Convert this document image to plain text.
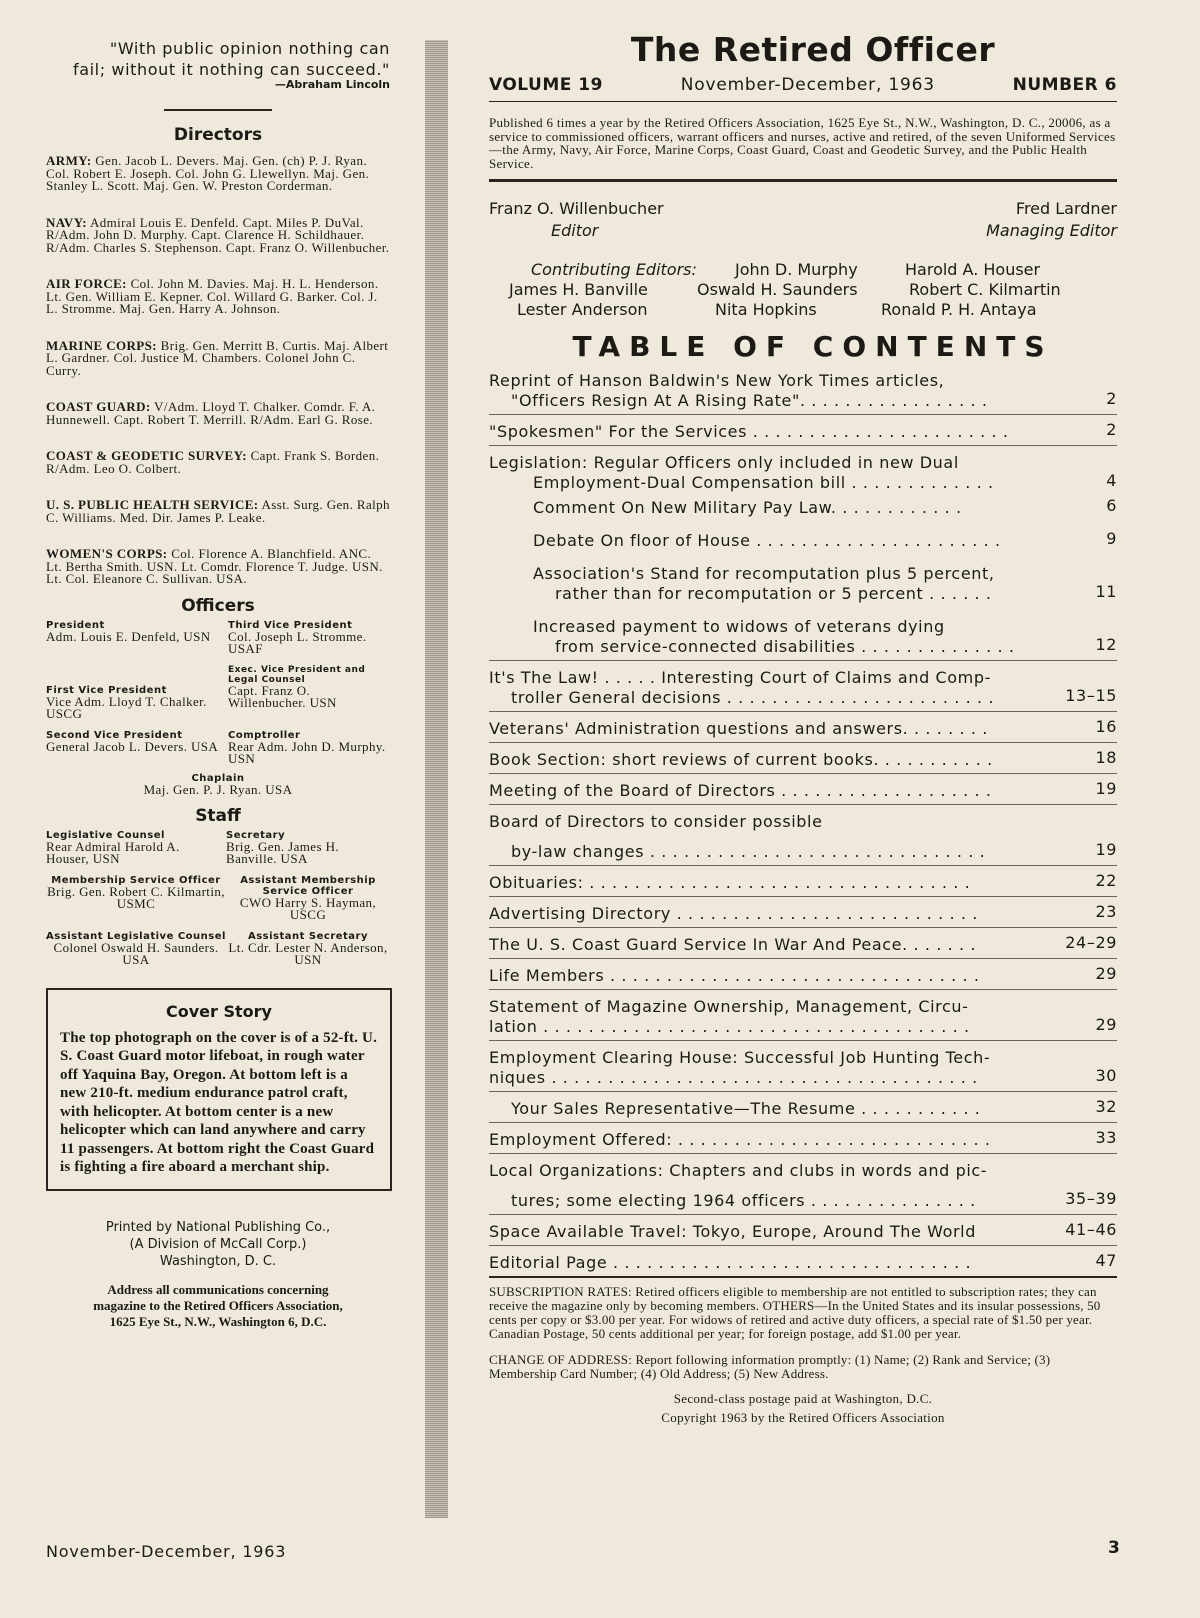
"With public opinion nothing can
fail; without it nothing can succeed."
—Abraham Lincoln
Directors

ARMY: Gen. Jacob L. Devers. Maj. Gen. (ch) P. J. Ryan. Col. Robert E. Joseph. Col. John G. Llewellyn. Maj. Gen. Stanley L. Scott. Maj. Gen. W. Preston Corderman.

NAVY: Admiral Louis E. Denfeld. Capt. Miles P. DuVal. R/Adm. John D. Murphy. Capt. Clarence H. Schildhauer. R/Adm. Charles S. Stephenson. Capt. Franz O. Willenbucher.

AIR FORCE: Col. John M. Davies. Maj. H. L. Henderson. Lt. Gen. William E. Kepner. Col. Willard G. Barker. Col. J. L. Stromme. Maj. Gen. Harry A. Johnson.

MARINE CORPS: Brig. Gen. Merritt B. Curtis. Maj. Albert L. Gardner. Col. Justice M. Chambers. Colonel John C. Curry.

COAST GUARD: V/Adm. Lloyd T. Chalker. Comdr. F. A. Hunnewell. Capt. Robert T. Merrill. R/Adm. Earl G. Rose.

COAST & GEODETIC SURVEY: Capt. Frank S. Borden. R/Adm. Leo O. Colbert.

U. S. PUBLIC HEALTH SERVICE: Asst. Surg. Gen. Ralph C. Williams. Med. Dir. James P. Leake.

WOMEN'S CORPS: Col. Florence A. Blanchfield. ANC. Lt. Bertha Smith. USN. Lt. Comdr. Florence T. Judge. USN. Lt. Col. Eleanore C. Sullivan. USA.

Officers
President
Adm. Louis E. Denfeld, USN
Third Vice President
Col. Joseph L. Stromme. USAF
First Vice President
Vice Adm. Lloyd T. Chalker. USCG
Exec. Vice President and Legal Counsel
Capt. Franz O. Willenbucher. USN
Second Vice President
General Jacob L. Devers. USA
Comptroller
Rear Adm. John D. Murphy. USN
Chaplain
Maj. Gen. P. J. Ryan. USA
Staff
Legislative Counsel
Rear Admiral Harold A. Houser, USN
Secretary
Brig. Gen. James H. Banville. USA
Membership Service Officer
Brig. Gen. Robert C. Kilmartin, USMC
Assistant Membership Service Officer
CWO Harry S. Hayman, USCG
Assistant Legislative Counsel
Colonel Oswald H. Saunders. USA
Assistant Secretary
Lt. Cdr. Lester N. Anderson, USN
Cover Story
The top photograph on the cover is of a 52-ft. U. S. Coast Guard motor lifeboat, in rough water off Yaquina Bay, Oregon. At bottom left is a new 210-ft. medium endurance patrol craft, with helicopter. At bottom center is a new helicopter which can land anywhere and carry 11 passengers. At bottom right the Coast Guard is fighting a fire aboard a merchant ship.
Printed by National Publishing Co.,
(A Division of McCall Corp.)
Washington, D. C.
Address all communications concerning
magazine to the Retired Officers Association,
1625 Eye St., N.W., Washington 6, D.C.
The Retired Officer
VOLUME 19	November-December, 1963	NUMBER 6
Published 6 times a year by the Retired Officers Association, 1625 Eye St., N.W., Washington, D. C., 20006, as a service to commissioned officers, warrant officers and nurses, active and retired, of the seven Uniformed Services—the Army, Navy, Air Force, Marine Corps, Coast Guard, Coast and Geodetic Survey, and the Public Health Service.
Franz O. Willenbucher
Editor
Fred Lardner
Managing Editor
Contributing Editors: John D. Murphy	Harold A. Houser
James H. Banville	Oswald H. Saunders	Robert C. Kilmartin
Lester Anderson	Nita Hopkins	Ronald P. H. Antaya
TABLE OF CONTENTS
Reprint of Hanson Baldwin's New York Times articles,
"Officers Resign At A Rising Rate". . . . . . . . . . . . . . . . .	2
"Spokesmen" For the Services . . . . . . . . . . . . . . . . . . . . . . .	2
Legislation: Regular Officers only included in new Dual
Employment-Dual Compensation bill . . . . . . . . . . . . .	4
Comment On New Military Pay Law. . . . . . . . . . . .	6
Debate On floor of House . . . . . . . . . . . . . . . . . . . . . .	9
Association's Stand for recomputation plus 5 percent,
rather than for recomputation or 5 percent . . . . . .	11
Increased payment to widows of veterans dying
from service-connected disabilities . . . . . . . . . . . . . .	12
It's The Law! . . . . . Interesting Court of Claims and Comp-
troller General decisions . . . . . . . . . . . . . . . . . . . . . . . .	13–15
Veterans' Administration questions and answers. . . . . . . .	16
Book Section: short reviews of current books. . . . . . . . . . .	18
Meeting of the Board of Directors . . . . . . . . . . . . . . . . . . .	19
Board of Directors to consider possible
by-law changes . . . . . . . . . . . . . . . . . . . . . . . . . . . . . .	19
Obituaries: . . . . . . . . . . . . . . . . . . . . . . . . . . . . . . . . . .	22
Advertising Directory . . . . . . . . . . . . . . . . . . . . . . . . . . .	23
The U. S. Coast Guard Service In War And Peace. . . . . . .	24–29
Life Members . . . . . . . . . . . . . . . . . . . . . . . . . . . . . . . . .	29
Statement of Magazine Ownership, Management, Circu-
lation . . . . . . . . . . . . . . . . . . . . . . . . . . . . . . . . . . . . . .	29
Employment Clearing House: Successful Job Hunting Tech-
niques . . . . . . . . . . . . . . . . . . . . . . . . . . . . . . . . . . . . . .	30
Your Sales Representative—The Resume . . . . . . . . . . .	32
Employment Offered: . . . . . . . . . . . . . . . . . . . . . . . . . . . .	33
Local Organizations: Chapters and clubs in words and pic-
tures; some electing 1964 officers . . . . . . . . . . . . . . .	35–39
Space Available Travel: Tokyo, Europe, Around The World	41–46
Editorial Page . . . . . . . . . . . . . . . . . . . . . . . . . . . . . . . .	47
SUBSCRIPTION RATES: Retired officers eligible to membership are not entitled to subscription rates; they can receive the magazine only by becoming members. OTHERS—In the United States and its insular possessions, 50 cents per copy or $3.00 per year. For widows of retired and active duty officers, a special rate of $1.50 per year. Canadian Postage, 50 cents additional per year; for foreign postage, add $1.00 per year.
CHANGE OF ADDRESS: Report following information promptly: (1) Name; (2) Rank and Service; (3) Membership Card Number; (4) Old Address; (5) New Address.
Second-class postage paid at Washington, D.C.
Copyright 1963 by the Retired Officers Association
November-December, 1963	3
